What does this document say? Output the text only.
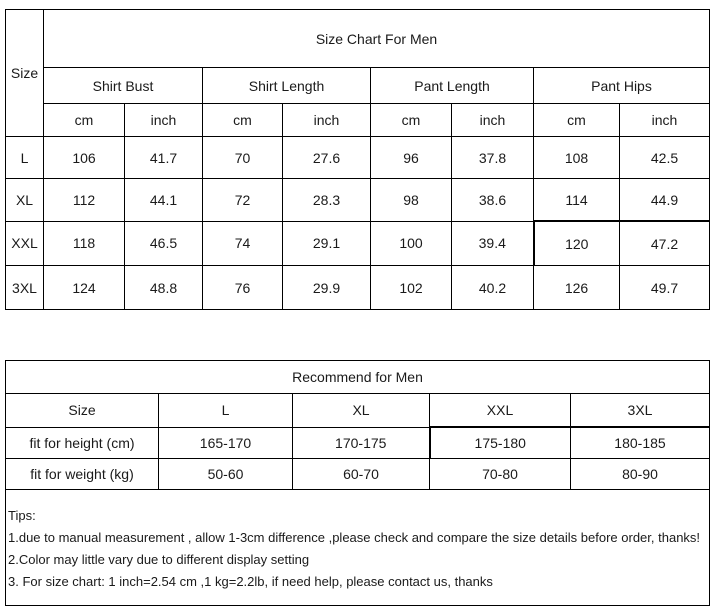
Size	Size Chart For Men							
	Shirt Bust		Shirt Length		Pant Length		Pant Hips	
	cm	inch	cm	inch	cm	inch	cm	inch
L	106	41.7	70	27.6	96	37.8	108	42.5
XL	112	44.1	72	28.3	98	38.6	114	44.9
XXL	118	46.5	74	29.1	100	39.4	120	47.2
3XL	124	48.8	76	29.9	102	40.2	126	49.7
Recommend for Men				
Size	L	XL	XXL	3XL
fit for height (cm)	165-170	170-175	175-180	180-185
fit for weight (kg)	50-60	60-70	70-80	80-90

Tips:
1.due to manual measurement , allow 1-3cm difference ,please check and compare the size details before order, thanks!
2.Color may little vary due to different display setting
3. For size chart: 1 inch=2.54 cm ,1 kg=2.2lb, if need help, please contact us, thanks				
